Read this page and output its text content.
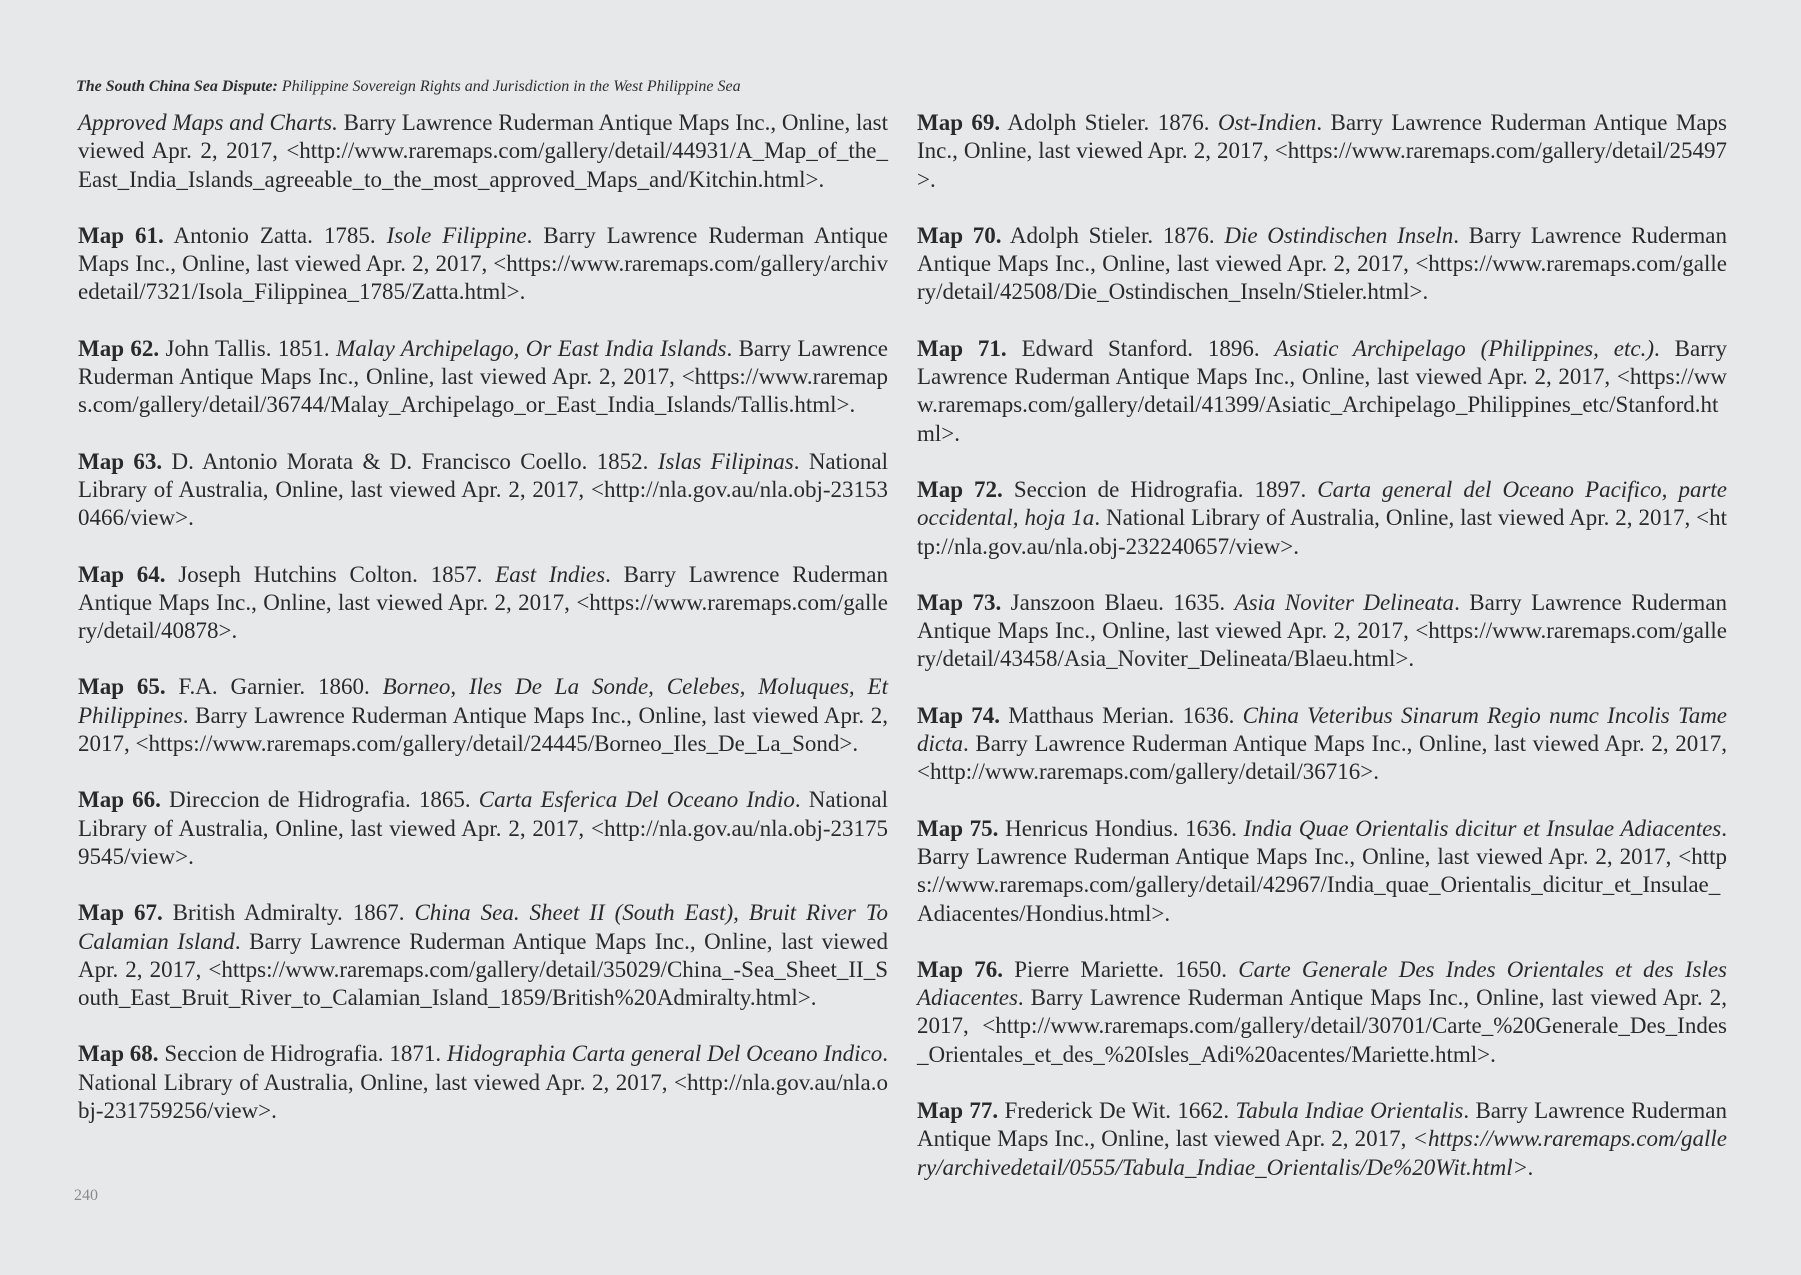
The South China Sea Dispute: Philippine Sovereign Rights and Jurisdiction in the West Philippine Sea

Approved Maps and Charts. Barry Lawrence Ruderman Antique Maps Inc., Online, last viewed Apr. 2, 2017, <http://www.raremaps.com/gallery/detail/44931/A_Map_of_the_East_India_Islands_agreeable_to_the_most_approved_Maps_and/Kitchin.html>.

Map 61. Antonio Zatta. 1785. Isole Filippine. Barry Lawrence Ruderman Antique Maps Inc., Online, last viewed Apr. 2, 2017, <https://www.raremaps.com/gallery/archivedetail/7321/Isola_Filippinea_1785/Zatta.html>.

Map 62. John Tallis. 1851. Malay Archipelago, Or East India Islands. Barry Lawrence Ruderman Antique Maps Inc., Online, last viewed Apr. 2, 2017, <https://www.raremaps.com/gallery/detail/36744/Malay_Archipelago_or_East_India_Islands/Tallis.html>.

Map 63. D. Antonio Morata & D. Francisco Coello. 1852. Islas Filipinas. National Library of Australia, Online, last viewed Apr. 2, 2017, <http://nla.gov.au/nla.obj-231530466/view>.

Map 64. Joseph Hutchins Colton. 1857. East Indies. Barry Lawrence Ruderman Antique Maps Inc., Online, last viewed Apr. 2, 2017, <https://www.raremaps.com/gallery/detail/40878>.

Map 65. F.A. Garnier. 1860. Borneo, Iles De La Sonde, Celebes, Moluques, Et Philippines. Barry Lawrence Ruderman Antique Maps Inc., Online, last viewed Apr. 2, 2017, <https://www.raremaps.com/gallery/detail/24445/Borneo_Iles_De_La_Sond>.

Map 66. Direccion de Hidrografia. 1865. Carta Esferica Del Oceano Indio. National Library of Australia, Online, last viewed Apr. 2, 2017, <http://nla.gov.au/nla.obj-231759545/view>.

Map 67. British Admiralty. 1867. China Sea. Sheet II (South East), Bruit River To Calamian Island. Barry Lawrence Ruderman Antique Maps Inc., Online, last viewed Apr. 2, 2017, <https://www.raremaps.com/gallery/detail/35029/China_-Sea_Sheet_II_South_East_Bruit_River_to_Calamian_Island_1859/British%20Admiralty.html>.

Map 68. Seccion de Hidrografia. 1871. Hidographia Carta general Del Oceano Indico. National Library of Australia, Online, last viewed Apr. 2, 2017, <http://nla.gov.au/nla.obj-231759256/view>.

Map 69. Adolph Stieler. 1876. Ost-Indien. Barry Lawrence Ruderman Antique Maps Inc., Online, last viewed Apr. 2, 2017, <https://www.raremaps.com/gallery/detail/25497>.

Map 70. Adolph Stieler. 1876. Die Ostindischen Inseln. Barry Lawrence Ruderman Antique Maps Inc., Online, last viewed Apr. 2, 2017, <https://www.raremaps.com/gallery/detail/42508/Die_Ostindischen_Inseln/Stieler.html>.

Map 71. Edward Stanford. 1896. Asiatic Archipelago (Philippines, etc.). Barry Lawrence Ruderman Antique Maps Inc., Online, last viewed Apr. 2, 2017, <https://www.raremaps.com/gallery/detail/41399/Asiatic_Archipelago_Philippines_etc/Stanford.html>.

Map 72. Seccion de Hidrografia. 1897. Carta general del Oceano Pacifico, parte occidental, hoja 1a. National Library of Australia, Online, last viewed Apr. 2, 2017, <http://nla.gov.au/nla.obj-232240657/view>.

Map 73. Janszoon Blaeu. 1635. Asia Noviter Delineata. Barry Lawrence Ruderman Antique Maps Inc., Online, last viewed Apr. 2, 2017, <https://www.raremaps.com/gallery/detail/43458/Asia_Noviter_Delineata/Blaeu.html>.

Map 74. Matthaus Merian. 1636. China Veteribus Sinarum Regio numc Incolis Tame dicta. Barry Lawrence Ruderman Antique Maps Inc., Online, last viewed Apr. 2, 2017, <http://www.raremaps.com/gallery/detail/36716>.

Map 75. Henricus Hondius. 1636. India Quae Orientalis dicitur et Insulae Adiacentes. Barry Lawrence Ruderman Antique Maps Inc., Online, last viewed Apr. 2, 2017, <https://www.raremaps.com/gallery/detail/42967/India_quae_Orientalis_dicitur_et_Insulae_Adiacentes/Hondius.html>.

Map 76. Pierre Mariette. 1650. Carte Generale Des Indes Orientales et des Isles Adiacentes. Barry Lawrence Ruderman Antique Maps Inc., Online, last viewed Apr. 2, 2017, <http://www.raremaps.com/gallery/detail/30701/Carte_%20Generale_Des_Indes_Orientales_et_des_%20Isles_Adi%20acentes/Mariette.html>.

Map 77. Frederick De Wit. 1662. Tabula Indiae Orientalis. Barry Lawrence Ruderman Antique Maps Inc., Online, last viewed Apr. 2, 2017, <https://www.raremaps.com/gallery/archivedetail/0555/Tabula_Indiae_Orientalis/De%20Wit.html>.

240
